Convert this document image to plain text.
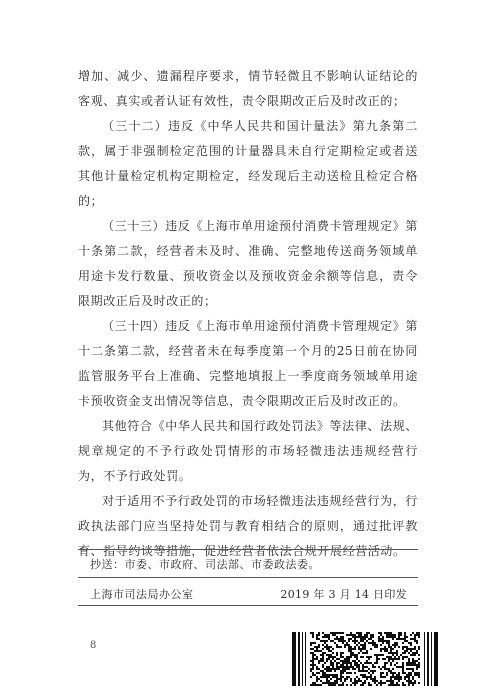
增加、减少、遗漏程序要求，情节轻微且不影响认证结论的客观、真实或者认证有效性，责令限期改正后及时改正的；

（三十二）违反《中华人民共和国计量法》第九条第二款，属于非强制检定范围的计量器具未自行定期检定或者送其他计量检定机构定期检定，经发现后主动送检且检定合格的；

（三十三）违反《上海市单用途预付消费卡管理规定》第十条第二款，经营者未及时、准确、完整地传送商务领域单用途卡发行数量、预收资金以及预收资金余额等信息，责令限期改正后及时改正的；

（三十四）违反《上海市单用途预付消费卡管理规定》第十二条第二款，经营者未在每季度第一个月的25日前在协同监管服务平台上准确、完整地填报上一季度商务领域单用途卡预收资金支出情况等信息，责令限期改正后及时改正的。

其他符合《中华人民共和国行政处罚法》等法律、法规、规章规定的不予行政处罚情形的市场轻微违法违规经营行为，不予行政处罚。

对于适用不予行政处罚的市场轻微违法违规经营行为，行政执法部门应当坚持处罚与教育相结合的原则，通过批评教育、指导约谈等措施，促进经营者依法合规开展经营活动。

抄送：市委、市政府、司法部、市委政法委。
上海市司法局办公室	2019 年 3 月 14 日印发
8
